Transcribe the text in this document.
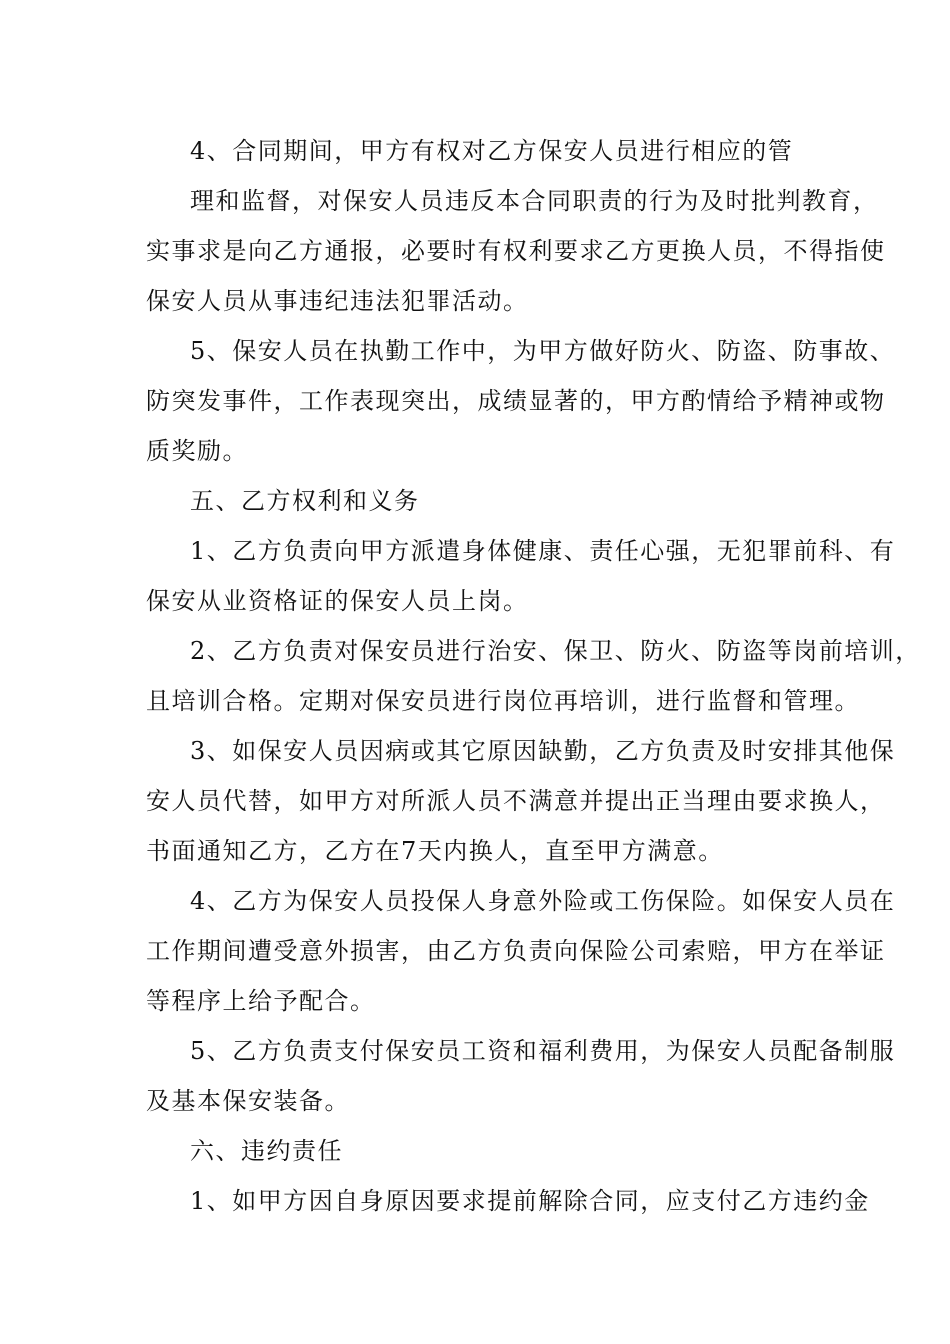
4、合同期间，甲方有权对乙方保安人员进行相应的管
理和监督，对保安人员违反本合同职责的行为及时批判教育，
实事求是向乙方通报，必要时有权利要求乙方更换人员，不得指使
保安人员从事违纪违法犯罪活动。
5、保安人员在执勤工作中，为甲方做好防火、防盗、防事故、
防突发事件，工作表现突出，成绩显著的，甲方酌情给予精神或物
质奖励。
五、乙方权利和义务
1、乙方负责向甲方派遣身体健康、责任心强，无犯罪前科、有
保安从业资格证的保安人员上岗。
2、乙方负责对保安员进行治安、保卫、防火、防盗等岗前培训，
且培训合格。定期对保安员进行岗位再培训，进行监督和管理。
3、如保安人员因病或其它原因缺勤，乙方负责及时安排其他保
安人员代替，如甲方对所派人员不满意并提出正当理由要求换人，
书面通知乙方，乙方在7天内换人，直至甲方满意。
4、乙方为保安人员投保人身意外险或工伤保险。如保安人员在
工作期间遭受意外损害，由乙方负责向保险公司索赔，甲方在举证
等程序上给予配合。
5、乙方负责支付保安员工资和福利费用，为保安人员配备制服
及基本保安装备。
六、违约责任
1、如甲方因自身原因要求提前解除合同，应支付乙方违约金
